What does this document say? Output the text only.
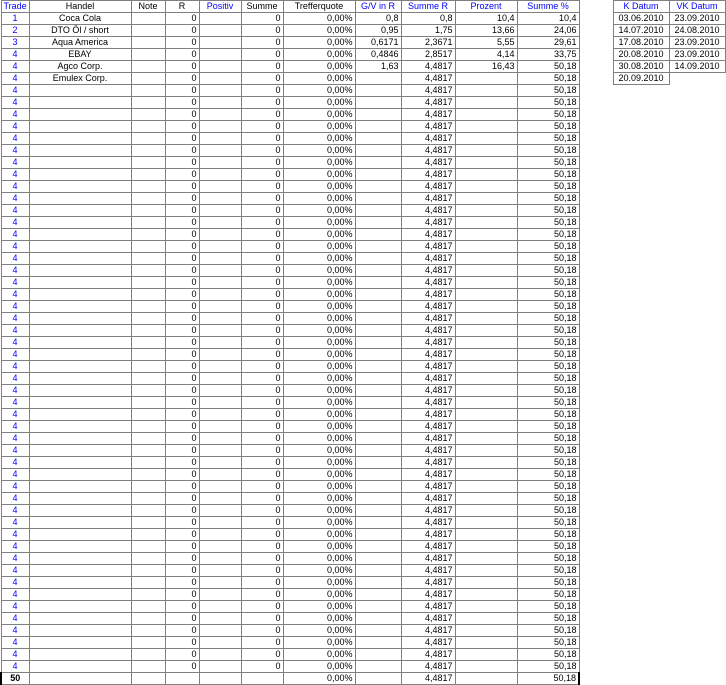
Trade	Handel	Note	R	Positiv	Summe	Trefferquote	G/V in R	Summe R	Prozent	Summe %		K Datum	VK Datum
1	Coca Cola		0		0	0,00%	0,8	0,8	10,4	10,4		03.06.2010	23.09.2010
2	DTO Öl / short		0		0	0,00%	0,95	1,75	13,66	24,06		14.07.2010	24.08.2010
3	Aqua America		0		0	0,00%	0,6171	2,3671	5,55	29,61		17.08.2010	23.09.2010
4	EBAY		0		0	0,00%	0,4846	2,8517	4,14	33,75		20.08.2010	23.09.2010
4	Agco Corp.		0		0	0,00%	1,63	4,4817	16,43	50,18		30.08.2010	14.09.2010
4	Emulex Corp.		0		0	0,00%		4,4817		50,18		20.09.2010	
4			0		0	0,00%		4,4817		50,18			
4			0		0	0,00%		4,4817		50,18			
4			0		0	0,00%		4,4817		50,18			
4			0		0	0,00%		4,4817		50,18			
4			0		0	0,00%		4,4817		50,18			
4			0		0	0,00%		4,4817		50,18			
4			0		0	0,00%		4,4817		50,18			
4			0		0	0,00%		4,4817		50,18			
4			0		0	0,00%		4,4817		50,18			
4			0		0	0,00%		4,4817		50,18			
4			0		0	0,00%		4,4817		50,18			
4			0		0	0,00%		4,4817		50,18			
4			0		0	0,00%		4,4817		50,18			
4			0		0	0,00%		4,4817		50,18			
4			0		0	0,00%		4,4817		50,18			
4			0		0	0,00%		4,4817		50,18			
4			0		0	0,00%		4,4817		50,18			
4			0		0	0,00%		4,4817		50,18			
4			0		0	0,00%		4,4817		50,18			
4			0		0	0,00%		4,4817		50,18			
4			0		0	0,00%		4,4817		50,18			
4			0		0	0,00%		4,4817		50,18			
4			0		0	0,00%		4,4817		50,18			
4			0		0	0,00%		4,4817		50,18			
4			0		0	0,00%		4,4817		50,18			
4			0		0	0,00%		4,4817		50,18			
4			0		0	0,00%		4,4817		50,18			
4			0		0	0,00%		4,4817		50,18			
4			0		0	0,00%		4,4817		50,18			
4			0		0	0,00%		4,4817		50,18			
4			0		0	0,00%		4,4817		50,18			
4			0		0	0,00%		4,4817		50,18			
4			0		0	0,00%		4,4817		50,18			
4			0		0	0,00%		4,4817		50,18			
4			0		0	0,00%		4,4817		50,18			
4			0		0	0,00%		4,4817		50,18			
4			0		0	0,00%		4,4817		50,18			
4			0		0	0,00%		4,4817		50,18			
4			0		0	0,00%		4,4817		50,18			
4			0		0	0,00%		4,4817		50,18			
4			0		0	0,00%		4,4817		50,18			
4			0		0	0,00%		4,4817		50,18			
4			0		0	0,00%		4,4817		50,18			
4			0		0	0,00%		4,4817		50,18			
4			0		0	0,00%		4,4817		50,18			
4			0		0	0,00%		4,4817		50,18			
4			0		0	0,00%		4,4817		50,18			
4			0		0	0,00%		4,4817		50,18			
4			0		0	0,00%		4,4817		50,18			
50						0,00%		4,4817		50,18			
